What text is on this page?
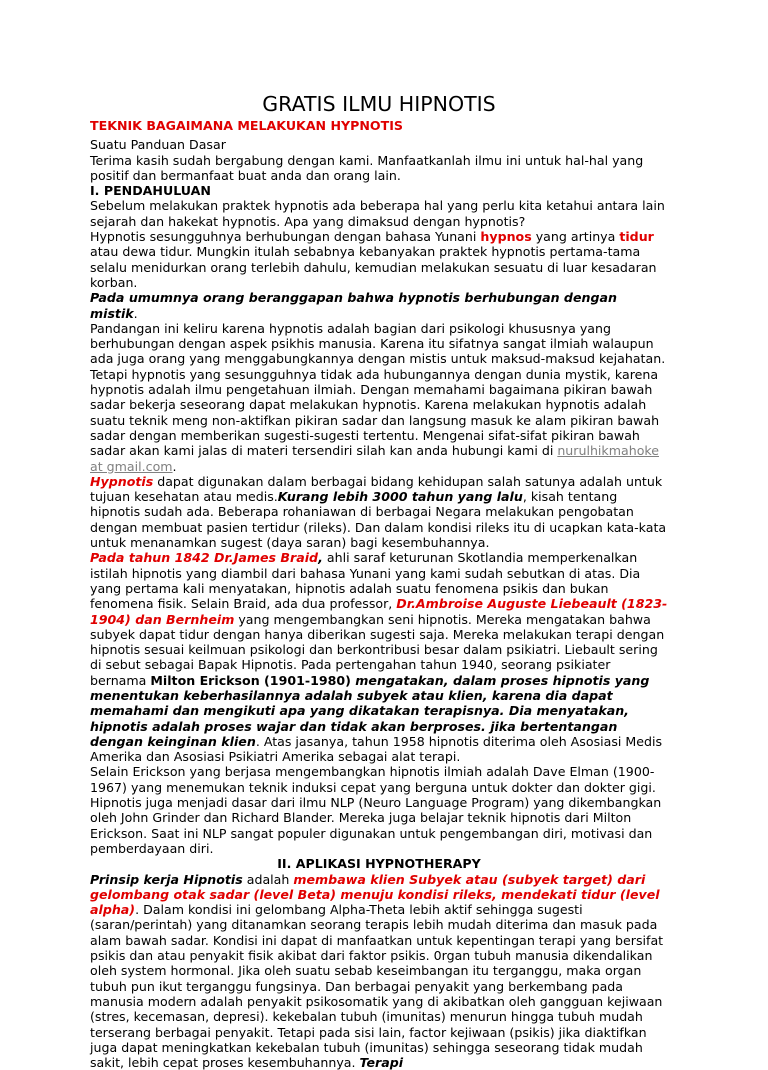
GRATIS ILMU HIPNOTIS

TEKNIK BAGAIMANA MELAKUKAN HYPNOTIS

Suatu Panduan Dasar

Terima kasih sudah bergabung dengan kami. Manfaatkanlah ilmu ini untuk hal-hal yang positif dan bermanfaat buat anda dan orang lain.

I. PENDAHULUAN

Sebelum melakukan praktek hypnotis ada beberapa hal yang perlu kita ketahui antara lain sejarah dan hakekat hypnotis. Apa yang dimaksud dengan hypnotis?

Hypnotis sesungguhnya berhubungan dengan bahasa Yunani hypnos yang artinya tidur atau dewa tidur. Mungkin itulah sebabnya kebanyakan praktek hypnotis pertama-tama selalu menidurkan orang terlebih dahulu, kemudian melakukan sesuatu di luar kesadaran korban.

Pada umumnya orang beranggapan bahwa hypnotis berhubungan dengan mistik.

Pandangan ini keliru karena hypnotis adalah bagian dari psikologi khususnya yang berhubungan dengan aspek psikhis manusia. Karena itu sifatnya sangat ilmiah walaupun ada juga orang yang menggabungkannya dengan mistis untuk maksud-maksud kejahatan. Tetapi hypnotis yang sesungguhnya tidak ada hubungannya dengan dunia mystik, karena hypnotis adalah ilmu pengetahuan ilmiah. Dengan memahami bagaimana pikiran bawah sadar bekerja seseorang dapat melakukan hypnotis. Karena melakukan hypnotis adalah suatu teknik meng non-aktifkan pikiran sadar dan langsung masuk ke alam pikiran bawah sadar dengan memberikan sugesti-sugesti tertentu. Mengenai sifat-sifat pikiran bawah sadar akan kami jalas di materi tersendiri silah kan anda hubungi kami di nurulhikmahoke at gmail.com.

Hypnotis dapat digunakan dalam berbagai bidang kehidupan salah satunya adalah untuk tujuan kesehatan atau medis.Kurang lebih 3000 tahun yang lalu, kisah tentang hipnotis sudah ada. Beberapa rohaniawan di berbagai Negara melakukan pengobatan dengan membuat pasien tertidur (rileks). Dan dalam kondisi rileks itu di ucapkan kata-kata untuk menanamkan sugest (daya saran) bagi kesembuhannya.

Pada tahun 1842 Dr.James Braid, ahli saraf keturunan Skotlandia memperkenalkan istilah hipnotis yang diambil dari bahasa Yunani yang kami sudah sebutkan di atas. Dia yang pertama kali menyatakan, hipnotis adalah suatu fenomena psikis dan bukan fenomena fisik. Selain Braid, ada dua professor, Dr.Ambroise Auguste Liebeault (1823-1904) dan Bernheim yang mengembangkan seni hipnotis. Mereka mengatakan bahwa subyek dapat tidur dengan hanya diberikan sugesti saja. Mereka melakukan terapi dengan hipnotis sesuai keilmuan psikologi dan berkontribusi besar dalam psikiatri. Liebault sering di sebut sebagai Bapak Hipnotis. Pada pertengahan tahun 1940, seorang psikiater bernama Milton Erickson (1901-1980) mengatakan, dalam proses hipnotis yang menentukan keberhasilannya adalah subyek atau klien, karena dia dapat memahami dan mengikuti apa yang dikatakan terapisnya. Dia menyatakan, hipnotis adalah proses wajar dan tidak akan berproses. jika bertentangan dengan keinginan klien. Atas jasanya, tahun 1958 hipnotis diterima oleh Asosiasi Medis Amerika dan Asosiasi Psikiatri Amerika sebagai alat terapi.

Selain Erickson yang berjasa mengembangkan hipnotis ilmiah adalah Dave Elman (1900-1967) yang menemukan teknik induksi cepat yang berguna untuk dokter dan dokter gigi.

Hipnotis juga menjadi dasar dari ilmu NLP (Neuro Language Program) yang dikembangkan oleh John Grinder dan Richard Blander. Mereka juga belajar teknik hipnotis dari Milton Erickson. Saat ini NLP sangat populer digunakan untuk pengembangan diri, motivasi dan pemberdayaan diri.

II. APLIKASI HYPNOTHERAPY

Prinsip kerja Hipnotis adalah membawa klien Subyek atau (subyek target) dari gelombang otak sadar (level Beta) menuju kondisi rileks, mendekati tidur (level alpha). Dalam kondisi ini gelombang Alpha-Theta lebih aktif sehingga sugesti (saran/perintah) yang ditanamkan seorang terapis lebih mudah diterima dan masuk pada alam bawah sadar. Kondisi ini dapat di manfaatkan untuk kepentingan terapi yang bersifat psikis dan atau penyakit fisik akibat dari faktor psikis. 0rgan tubuh manusia dikendalikan oleh system hormonal. Jika oleh suatu sebab keseimbangan itu terganggu, maka organ tubuh pun ikut terganggu fungsinya. Dan berbagai penyakit yang berkembang pada manusia modern adalah penyakit psikosomatik yang di akibatkan oleh gangguan kejiwaan (stres, kecemasan, depresi). kekebalan tubuh (imunitas) menurun hingga tubuh mudah terserang berbagai penyakit. Tetapi pada sisi lain, factor kejiwaan (psikis) jika diaktifkan juga dapat meningkatkan kekebalan tubuh (imunitas) sehingga seseorang tidak mudah sakit, lebih cepat proses kesembuhannya. Terapi
